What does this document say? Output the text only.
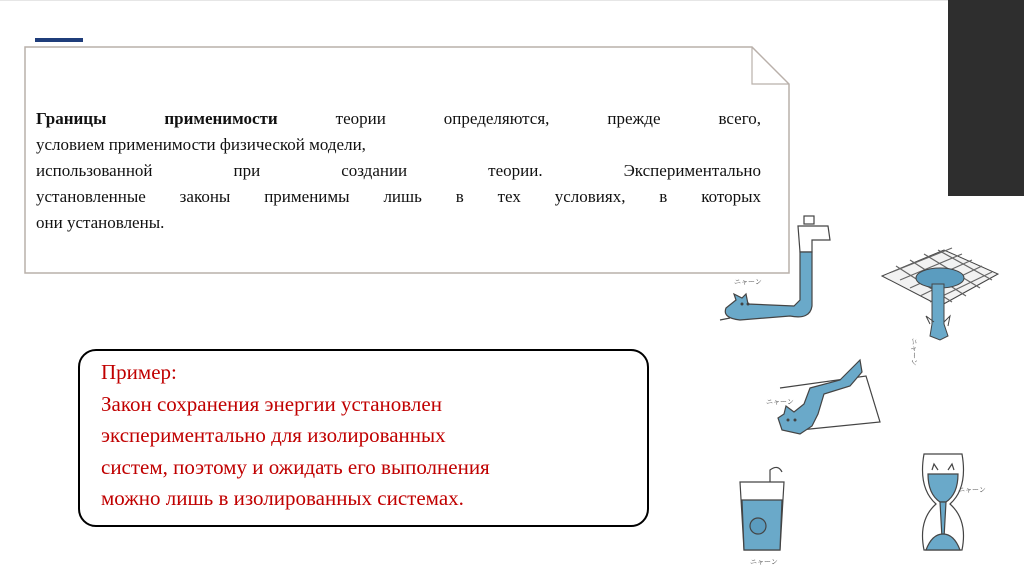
Границы применимости теории определяются, прежде всего,
условием применимости физической модели,
использованной при создании теории. Экспериментально
установленные законы применимы лишь в тех условиях, в которых
они установлены.

Пример:
Закон сохранения энергии установлен
экспериментально для изолированных
систем, поэтому и ожидать его выполнения
можно лишь в изолированных системах.

ニャーン
ニャーン
ニャーン
ニャーン
ニャーン
